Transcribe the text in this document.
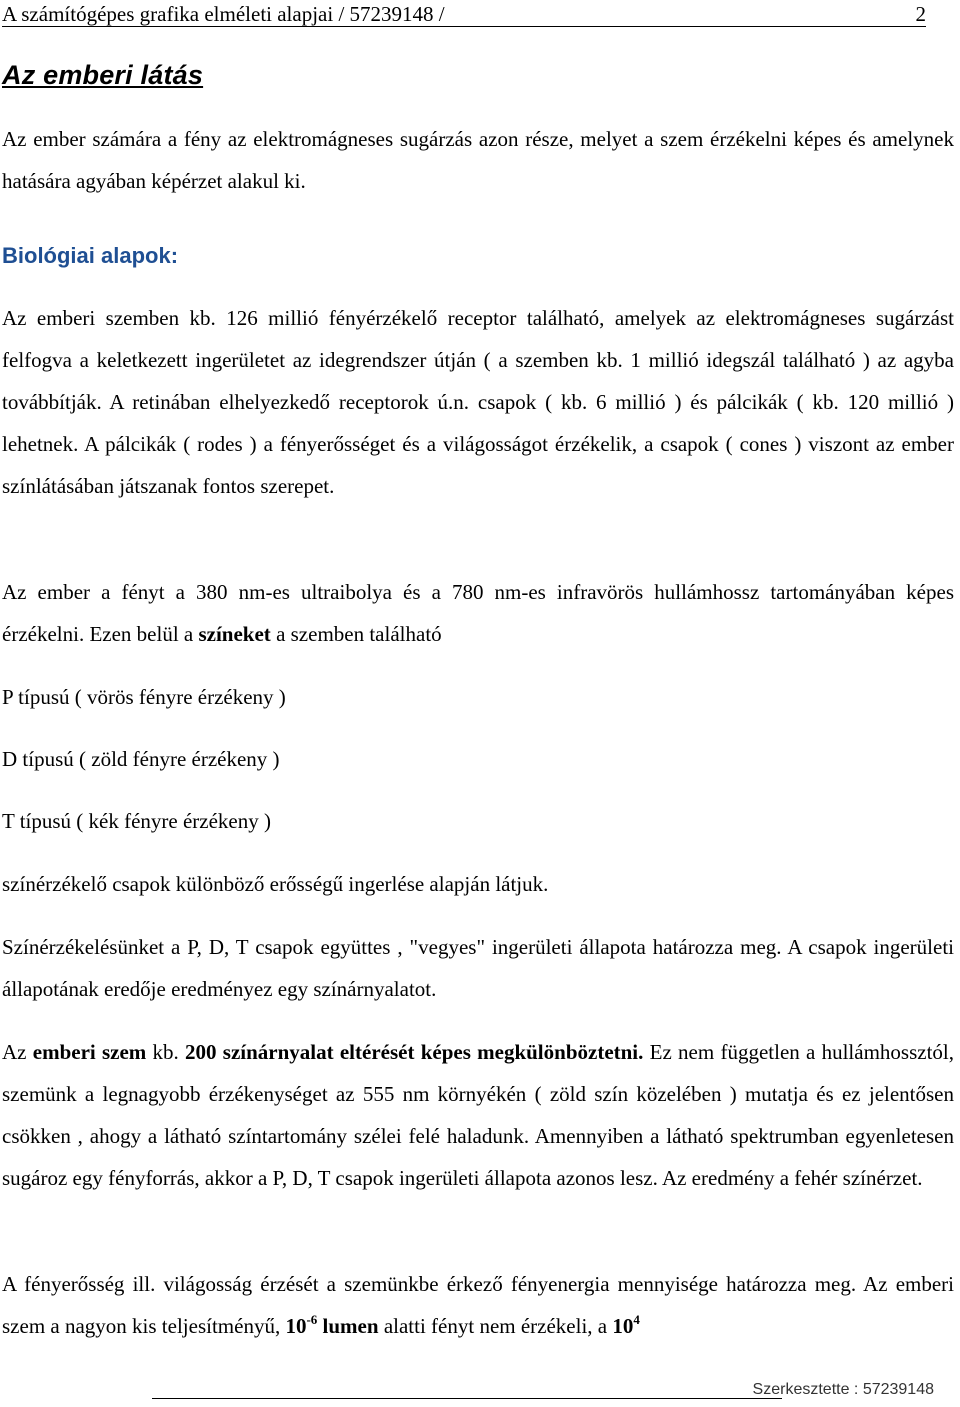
A számítógépes grafika elméleti alapjai / 57239148 /	2
Az emberi látás
Az ember számára a fény az elektromágneses sugárzás azon része, melyet a szem érzékelni képes és amelynek hatására agyában képérzet alakul ki.
Biológiai alapok:
Az emberi szemben kb. 126 millió fényérzékelő receptor található, amelyek az elektromágneses sugárzást felfogva a keletkezett ingerületet az idegrendszer útján ( a szemben kb. 1 millió idegszál található ) az agyba továbbítják. A retinában elhelyezkedő receptorok ú.n. csapok ( kb. 6 millió ) és pálcikák ( kb. 120 millió ) lehetnek. A pálcikák ( rodes ) a fényerősséget és a világosságot érzékelik, a csapok ( cones ) viszont az ember színlátásában játszanak fontos szerepet.
Az ember a fényt a 380 nm-es ultraibolya és a 780 nm-es infravörös hullámhossz tartományában képes érzékelni. Ezen belül a színeket a szemben található
P típusú ( vörös fényre érzékeny )
D típusú ( zöld fényre érzékeny )
T típusú ( kék fényre érzékeny )
színérzékelő csapok különböző erősségű ingerlése alapján látjuk.
Színérzékelésünket a P, D, T csapok együttes , "vegyes" ingerületi állapota határozza meg. A csapok ingerületi állapotának eredője eredményez egy színárnyalatot.
Az emberi szem kb. 200 színárnyalat eltérését képes megkülönböztetni. Ez nem független a hullámhossztól, szemünk a legnagyobb érzékenységet az 555 nm környékén ( zöld szín közelében ) mutatja és ez jelentősen csökken , ahogy a látható színtartomány szélei felé haladunk. Amennyiben a látható spektrumban egyenletesen sugároz egy fényforrás, akkor a P, D, T csapok ingerületi állapota azonos lesz. Az eredmény a fehér színérzet.
A fényerősség ill. világosság érzését a szemünkbe érkező fényenergia mennyisége határozza meg. Az emberi szem a nagyon kis teljesítményű, $10^{-6}$ lumen alatti fényt nem érzékeli, a $10^4$
Szerkesztette : 57239148
